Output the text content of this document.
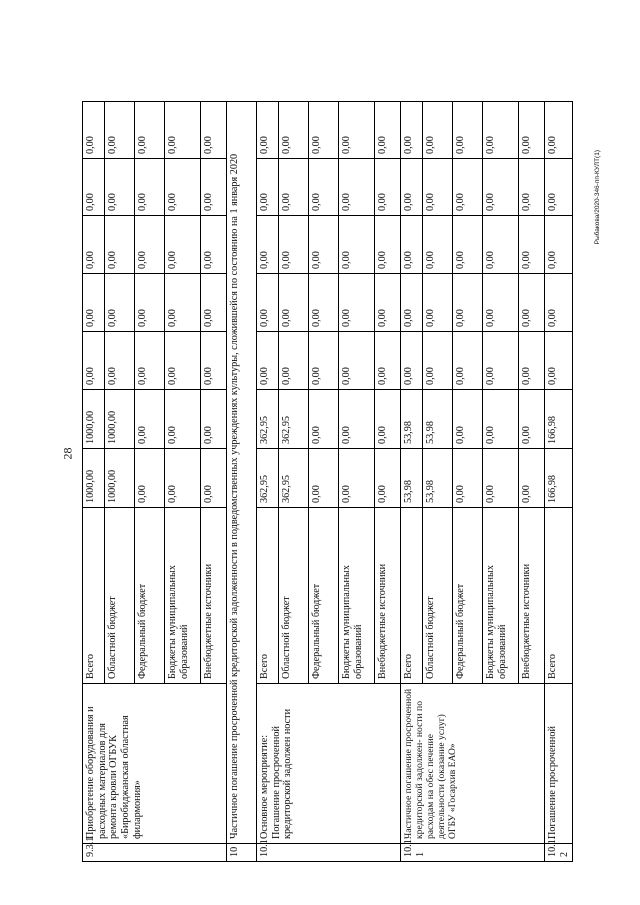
28
Рыбакова/2020-346-пп-КУЛТ(1)
9.3.1	Приобретение оборудования и расходных материалов для ремонта кровли ОГБУК «Биробиджанская областная филармония»	Всего	1000,00	1000,00	0,00	0,00	0,00	0,00	0,00
		Областной бюджет	1000,00	1000,00	0,00	0,00	0,00	0,00	0,00
		Федеральный бюджет	0,00	0,00	0,00	0,00	0,00	0,00	0,00
		Бюджеты муниципальных образований	0,00	0,00	0,00	0,00	0,00	0,00	0,00
		Внебюджетные источники	0,00	0,00	0,00	0,00	0,00	0,00	0,00
10	Частичное погашение просроченной кредиторской задолженности в подведомственных учреждениях культуры, сложившейся по состоянию на 1 января 2020								
10.1	Основное мероприятие: Погашение просроченной кредиторской задолжен ности	Всего	362,95	362,95	0,00	0,00	0,00	0,00	0,00
		Областной бюджет	362,95	362,95	0,00	0,00	0,00	0,00	0,00
		Федеральный бюджет	0,00	0,00	0,00	0,00	0,00	0,00	0,00
		Бюджеты муниципальных образований	0,00	0,00	0,00	0,00	0,00	0,00	0,00
		Внебюджетные источники	0,00	0,00	0,00	0,00	0,00	0,00	0,00
10.1. 1	Частичное погашение просроченной кредиторской задолжен- ности по расходам на обес печение деятельности (оказание услуг) ОГБУ «Госархив ЕАО»	Всего	53,98	53,98	0,00	0,00	0,00	0,00	0,00
		Областной бюджет	53,98	53,98	0,00	0,00	0,00	0,00	0,00
		Федеральный бюджет	0,00	0,00	0,00	0,00	0,00	0,00	0,00
		Бюджеты муниципальных образований	0,00	0,00	0,00	0,00	0,00	0,00	0,00
		Внебюджетные источники	0,00	0,00	0,00	0,00	0,00	0,00	0,00
10.1. 2	Погашение просроченной	Всего	166,98	166,98	0,00	0,00	0,00	0,00	0,00
